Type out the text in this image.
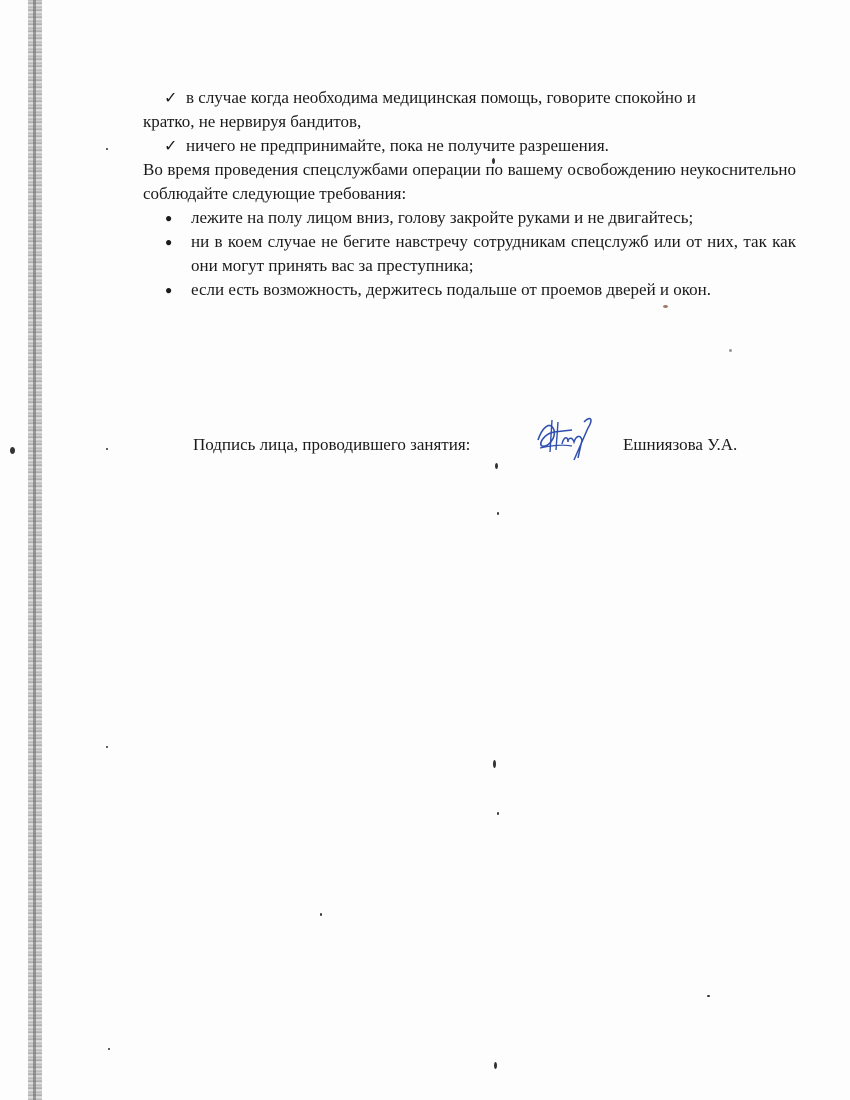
✓ в случае когда необходима медицинская помощь, говорите спокойно и
кратко, не нервируя бандитов,
✓ ничего не предпринимайте, пока не получите разрешения.
Во время проведения спецслужбами операции по вашему освобождению неукоснительно соблюдайте следующие требования:
● лежите на полу лицом вниз, голову закройте руками и не двигайтесь;
● ни в коем случае не бегите навстречу сотрудникам спецслужб или от них, так как они могут принять вас за преступника;
● если есть возможность, держитесь подальше от проемов дверей и окон.
Подпись лица, проводившего занятия:	Ешниязова У.А.
